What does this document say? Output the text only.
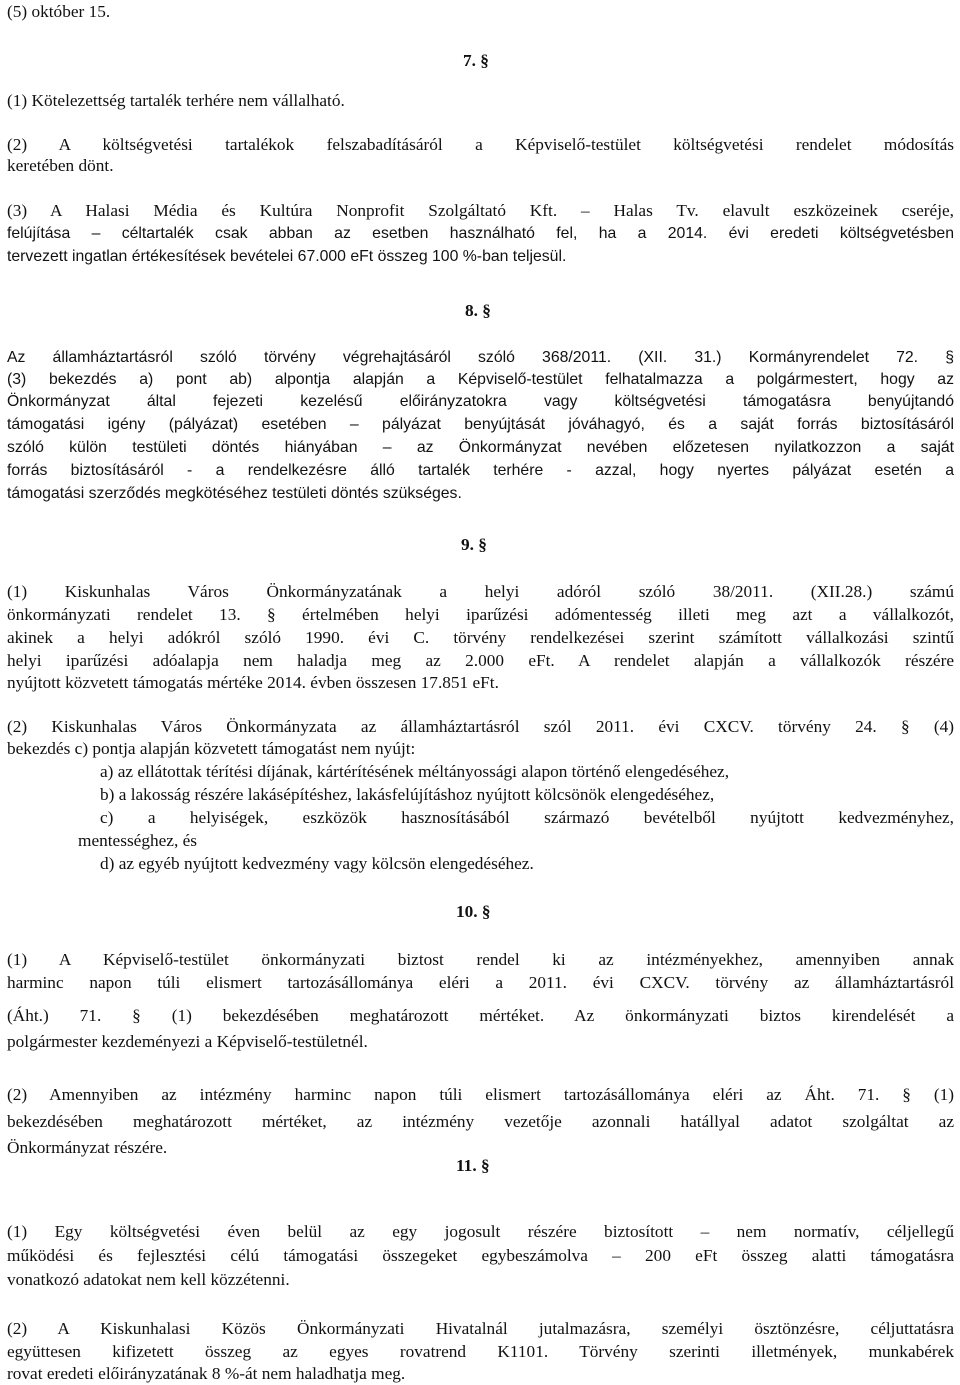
(5) október 15.
7. §
(1) Kötelezettség tartalék terhére nem vállalható.
(2) A költségvetési tartalékok felszabadításáról a Képviselő-testület költségvetési rendelet módosítás
keretében dönt.
(3) A Halasi Média és Kultúra Nonprofit Szolgáltató Kft. ‒ Halas Tv. elavult eszközeinek cseréje,
felújítása ‒ céltartalék csak abban az esetben használható fel, ha a 2014. évi eredeti költségvetésben
tervezett ingatlan értékesítések bevételei 67.000 eFt összeg 100 %-ban teljesül.
8. §
Az államháztartásról szóló törvény végrehajtásáról szóló 368/2011. (XII. 31.) Kormányrendelet 72. §
(3) bekezdés a) pont ab) alpontja alapján a Képviselő-testület felhatalmazza a polgármestert, hogy az
Önkormányzat által fejezeti kezelésű előirányzatokra vagy költségvetési támogatásra benyújtandó
támogatási igény (pályázat) esetében ‒ pályázat benyújtását jóváhagyó, és a saját forrás biztosításáról
szóló külön testületi döntés hiányában ‒ az Önkormányzat nevében előzetesen nyilatkozzon a saját
forrás biztosításáról - a rendelkezésre álló tartalék terhére - azzal, hogy nyertes pályázat esetén a
támogatási szerződés megkötéséhez testületi döntés szükséges.
9. §
(1) Kiskunhalas Város Önkormányzatának a helyi adóról szóló 38/2011. (XII.28.) számú
önkormányzati rendelet 13. § értelmében helyi iparűzési adómentesség illeti meg azt a vállalkozót,
akinek a helyi adókról szóló 1990. évi C. törvény rendelkezései szerint számított vállalkozási szintű
helyi iparűzési adóalapja nem haladja meg az 2.000 eFt. A rendelet alapján a vállalkozók részére
nyújtott közvetett támogatás mértéke 2014. évben összesen 17.851 eFt.
(2) Kiskunhalas Város Önkormányzata az államháztartásról szól 2011. évi CXCV. törvény 24. § (4)
bekezdés c) pontja alapján közvetett támogatást nem nyújt:
a) az ellátottak térítési díjának, kártérítésének méltányossági alapon történő elengedéséhez,
b) a lakosság részére lakásépítéshez, lakásfelújításhoz nyújtott kölcsönök elengedéséhez,
c) a helyiségek, eszközök hasznosításából származó bevételből nyújtott kedvezményhez,
mentességhez, és
d) az egyéb nyújtott kedvezmény vagy kölcsön elengedéséhez.
10. §
(1) A Képviselő-testület önkormányzati biztost rendel ki az intézményekhez, amennyiben annak
harminc napon túli elismert tartozásállománya eléri a 2011. évi CXCV. törvény az államháztartásról
(Áht.) 71. § (1) bekezdésében meghatározott mértéket. Az önkormányzati biztos kirendelését a
polgármester kezdeményezi a Képviselő-testületnél.
(2) Amennyiben az intézmény harminc napon túli elismert tartozásállománya eléri az Áht. 71. § (1)
bekezdésében meghatározott mértéket, az intézmény vezetője azonnali hatállyal adatot szolgáltat az
Önkormányzat részére.
11. §
(1) Egy költségvetési éven belül az egy jogosult részére biztosított ‒ nem normatív, céljellegű
működési és fejlesztési célú támogatási összegeket egybeszámolva ‒ 200 eFt összeg alatti támogatásra
vonatkozó adatokat nem kell közzétenni.
(2) A Kiskunhalasi Közös Önkormányzati Hivatalnál jutalmazásra, személyi ösztönzésre, céljuttatásra
együttesen kifizetett összeg az egyes rovatrend K1101. Törvény szerinti illetmények, munkabérek
rovat eredeti előirányzatának 8 %-át nem haladhatja meg.
